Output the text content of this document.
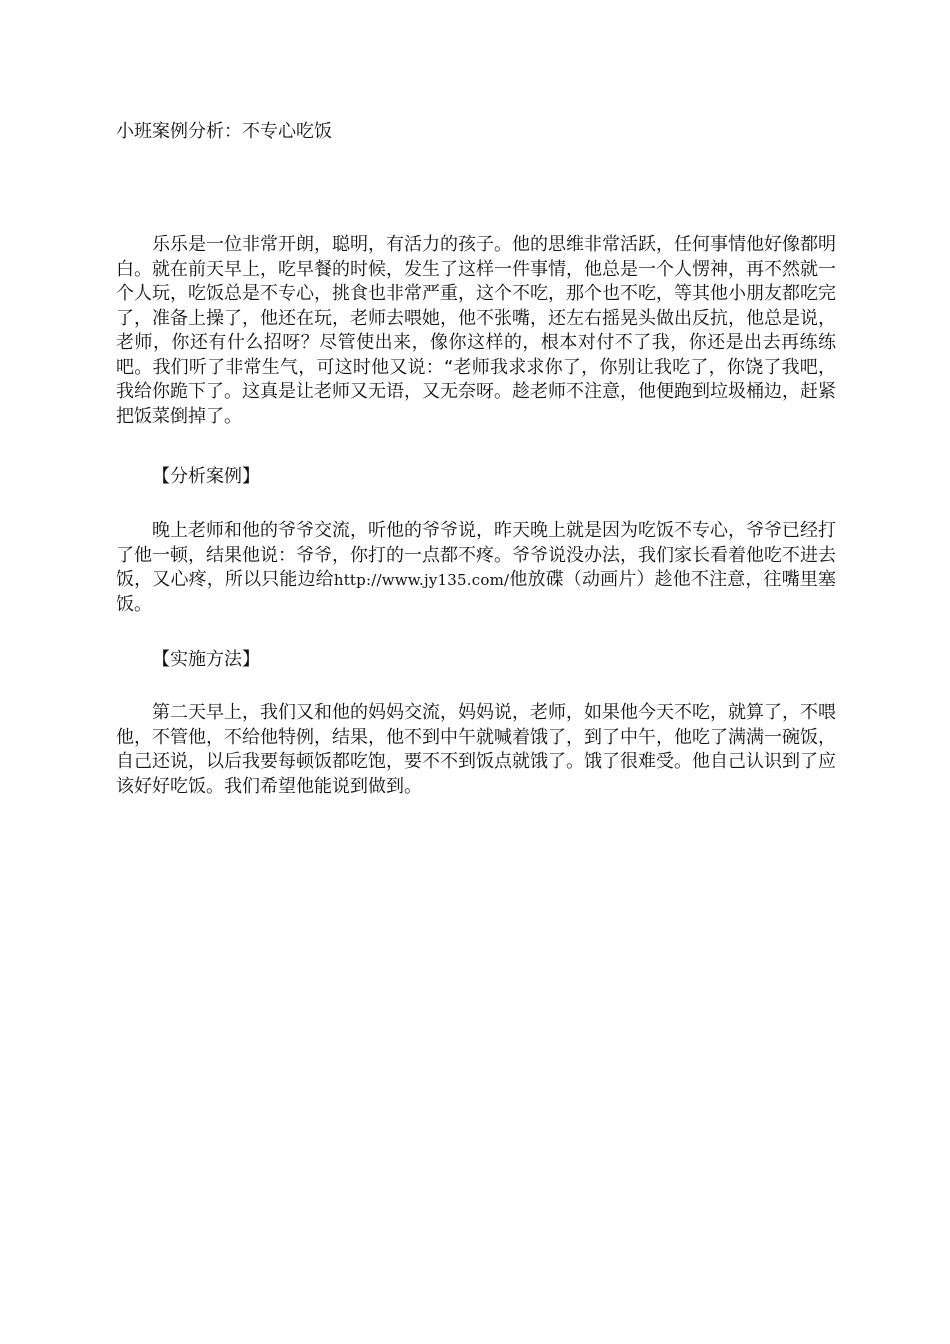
小班案例分析：不专心吃饭

乐乐是一位非常开朗，聪明，有活力的孩子。他的思维非常活跃，任何事情他好像都明白。就在前天早上，吃早餐的时候，发生了这样一件事情，他总是一个人愣神，再不然就一个人玩，吃饭总是不专心，挑食也非常严重，这个不吃，那个也不吃，等其他小朋友都吃完了，准备上操了，他还在玩，老师去喂她，他不张嘴，还左右摇晃头做出反抗，他总是说，老师，你还有什么招呀？尽管使出来，像你这样的，根本对付不了我，你还是出去再练练吧。我们听了非常生气，可这时他又说：“老师我求求你了，你别让我吃了，你饶了我吧，我给你跪下了。这真是让老师又无语，又无奈呀。趁老师不注意，他便跑到垃圾桶边，赶紧把饭菜倒掉了。

【分析案例】

晚上老师和他的爷爷交流，听他的爷爷说，昨天晚上就是因为吃饭不专心，爷爷已经打了他一顿，结果他说：爷爷，你打的一点都不疼。爷爷说没办法，我们家长看着他吃不进去饭，又心疼，所以只能边给http://www.jy135.com/他放碟（动画片）趁他不注意，往嘴里塞饭。

【实施方法】

第二天早上，我们又和他的妈妈交流，妈妈说，老师，如果他今天不吃，就算了，不喂他，不管他，不给他特例，结果，他不到中午就喊着饿了，到了中午，他吃了满满一碗饭，自己还说，以后我要每顿饭都吃饱，要不不到饭点就饿了。饿了很难受。他自己认识到了应该好好吃饭。我们希望他能说到做到。
